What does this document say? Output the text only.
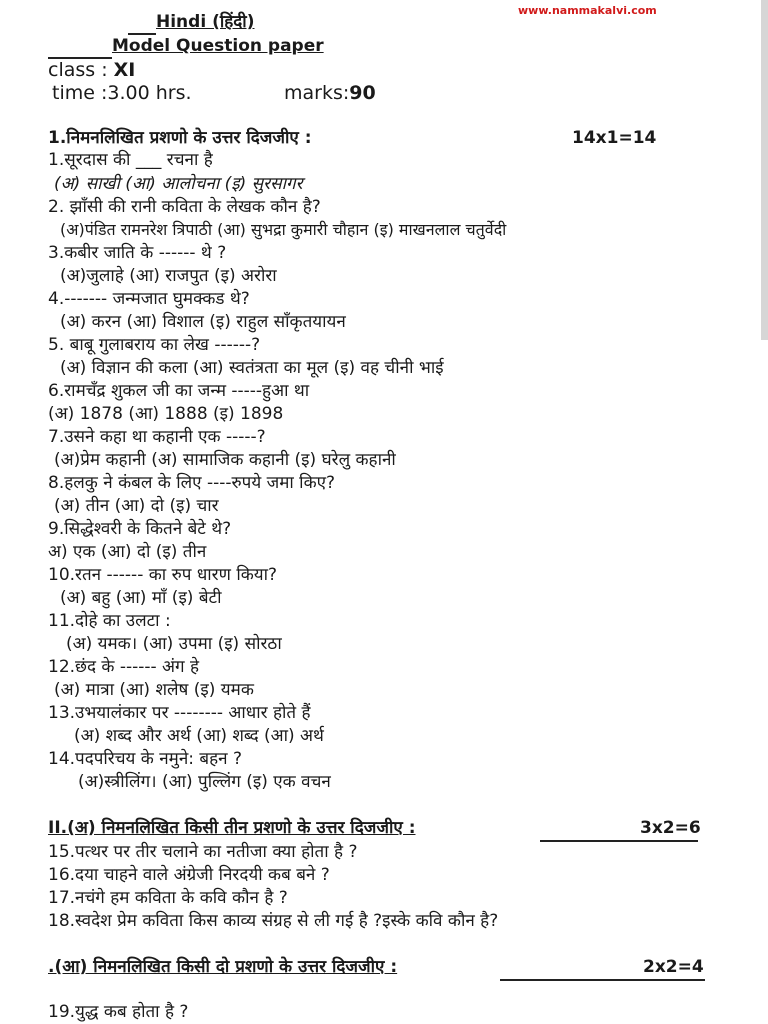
www.nammakalvi.com
Hindi (हिंदी)
Model Question paper
class : XI
time :3.00 hrs.	marks:90
1.निमनलिखित प्रशणो के उत्तर दिजजीए :	14x1=14
1.सूरदास की ___ रचना है
(अ) साखी (आ) आलोचना (इ) सुरसागर
2. झाँसी की रानी कविता के लेखक कौन है?
(अ)पंडित रामनरेश त्रिपाठी (आ) सुभद्रा कुमारी चौहान (इ) माखनलाल चतुर्वेदी
3.कबीर जाति के ------ थे ?
(अ)जुलाहे (आ) राजपुत (इ) अरोरा
4.------- जन्मजात घुमक्कड थे?
(अ) करन (आ) विशाल (इ) राहुल साँकृतयायन
5. बाबू गुलाबराय का लेख ------?
(अ) विज्ञान की कला (आ) स्वतंत्रता का मूल (इ) वह चीनी भाई
6.रामचँद्र शुकल जी का जन्म -----हुआ था
(अ) 1878 (आ) 1888 (इ) 1898
7.उसने कहा था कहानी एक -----?
(अ)प्रेम कहानी (अ) सामाजिक कहानी (इ) घरेलु कहानी
8.हलकु ने कंबल के लिए ----रुपये जमा किए?
(अ) तीन (आ) दो (इ) चार
9.सिद्धेश्वरी के कितने बेटे थे?
अ) एक (आ) दो (इ) तीन
10.रतन ------ का रुप धारण किया?
(अ) बहु (आ) माँ (इ) बेटी
11.दोहे का उलटा :
(अ) यमक। (आ) उपमा (इ) सोरठा
12.छंद के ------ अंग हे
(अ) मात्रा (आ) शलेष (इ) यमक
13.उभयालंकार पर -------- आधार होते हैं
(अ) शब्द और अर्थ (आ) शब्द (आ) अर्थ
14.पदपरिचय के नमुने: बहन ?
(अ)स्त्रीलिंग। (आ) पुल्लिंग (इ) एक वचन
II.(अ) निमनलिखित किसी तीन प्रशणो के उत्तर दिजजीए :	3x2=6
15.पत्थर पर तीर चलाने का नतीजा क्या होता है ?
16.दया चाहने वाले अंग्रेजी निरदयी कब बने ?
17.नचंगे हम कविता के कवि कौन है ?
18.स्वदेश प्रेम कविता किस काव्य संग्रह से ली गई है ?इस्के कवि कौन है?
.(आ) निमनलिखित किसी दो प्रशणो के उत्तर दिजजीए :	2x2=4
19.युद्ध कब होता है ?
